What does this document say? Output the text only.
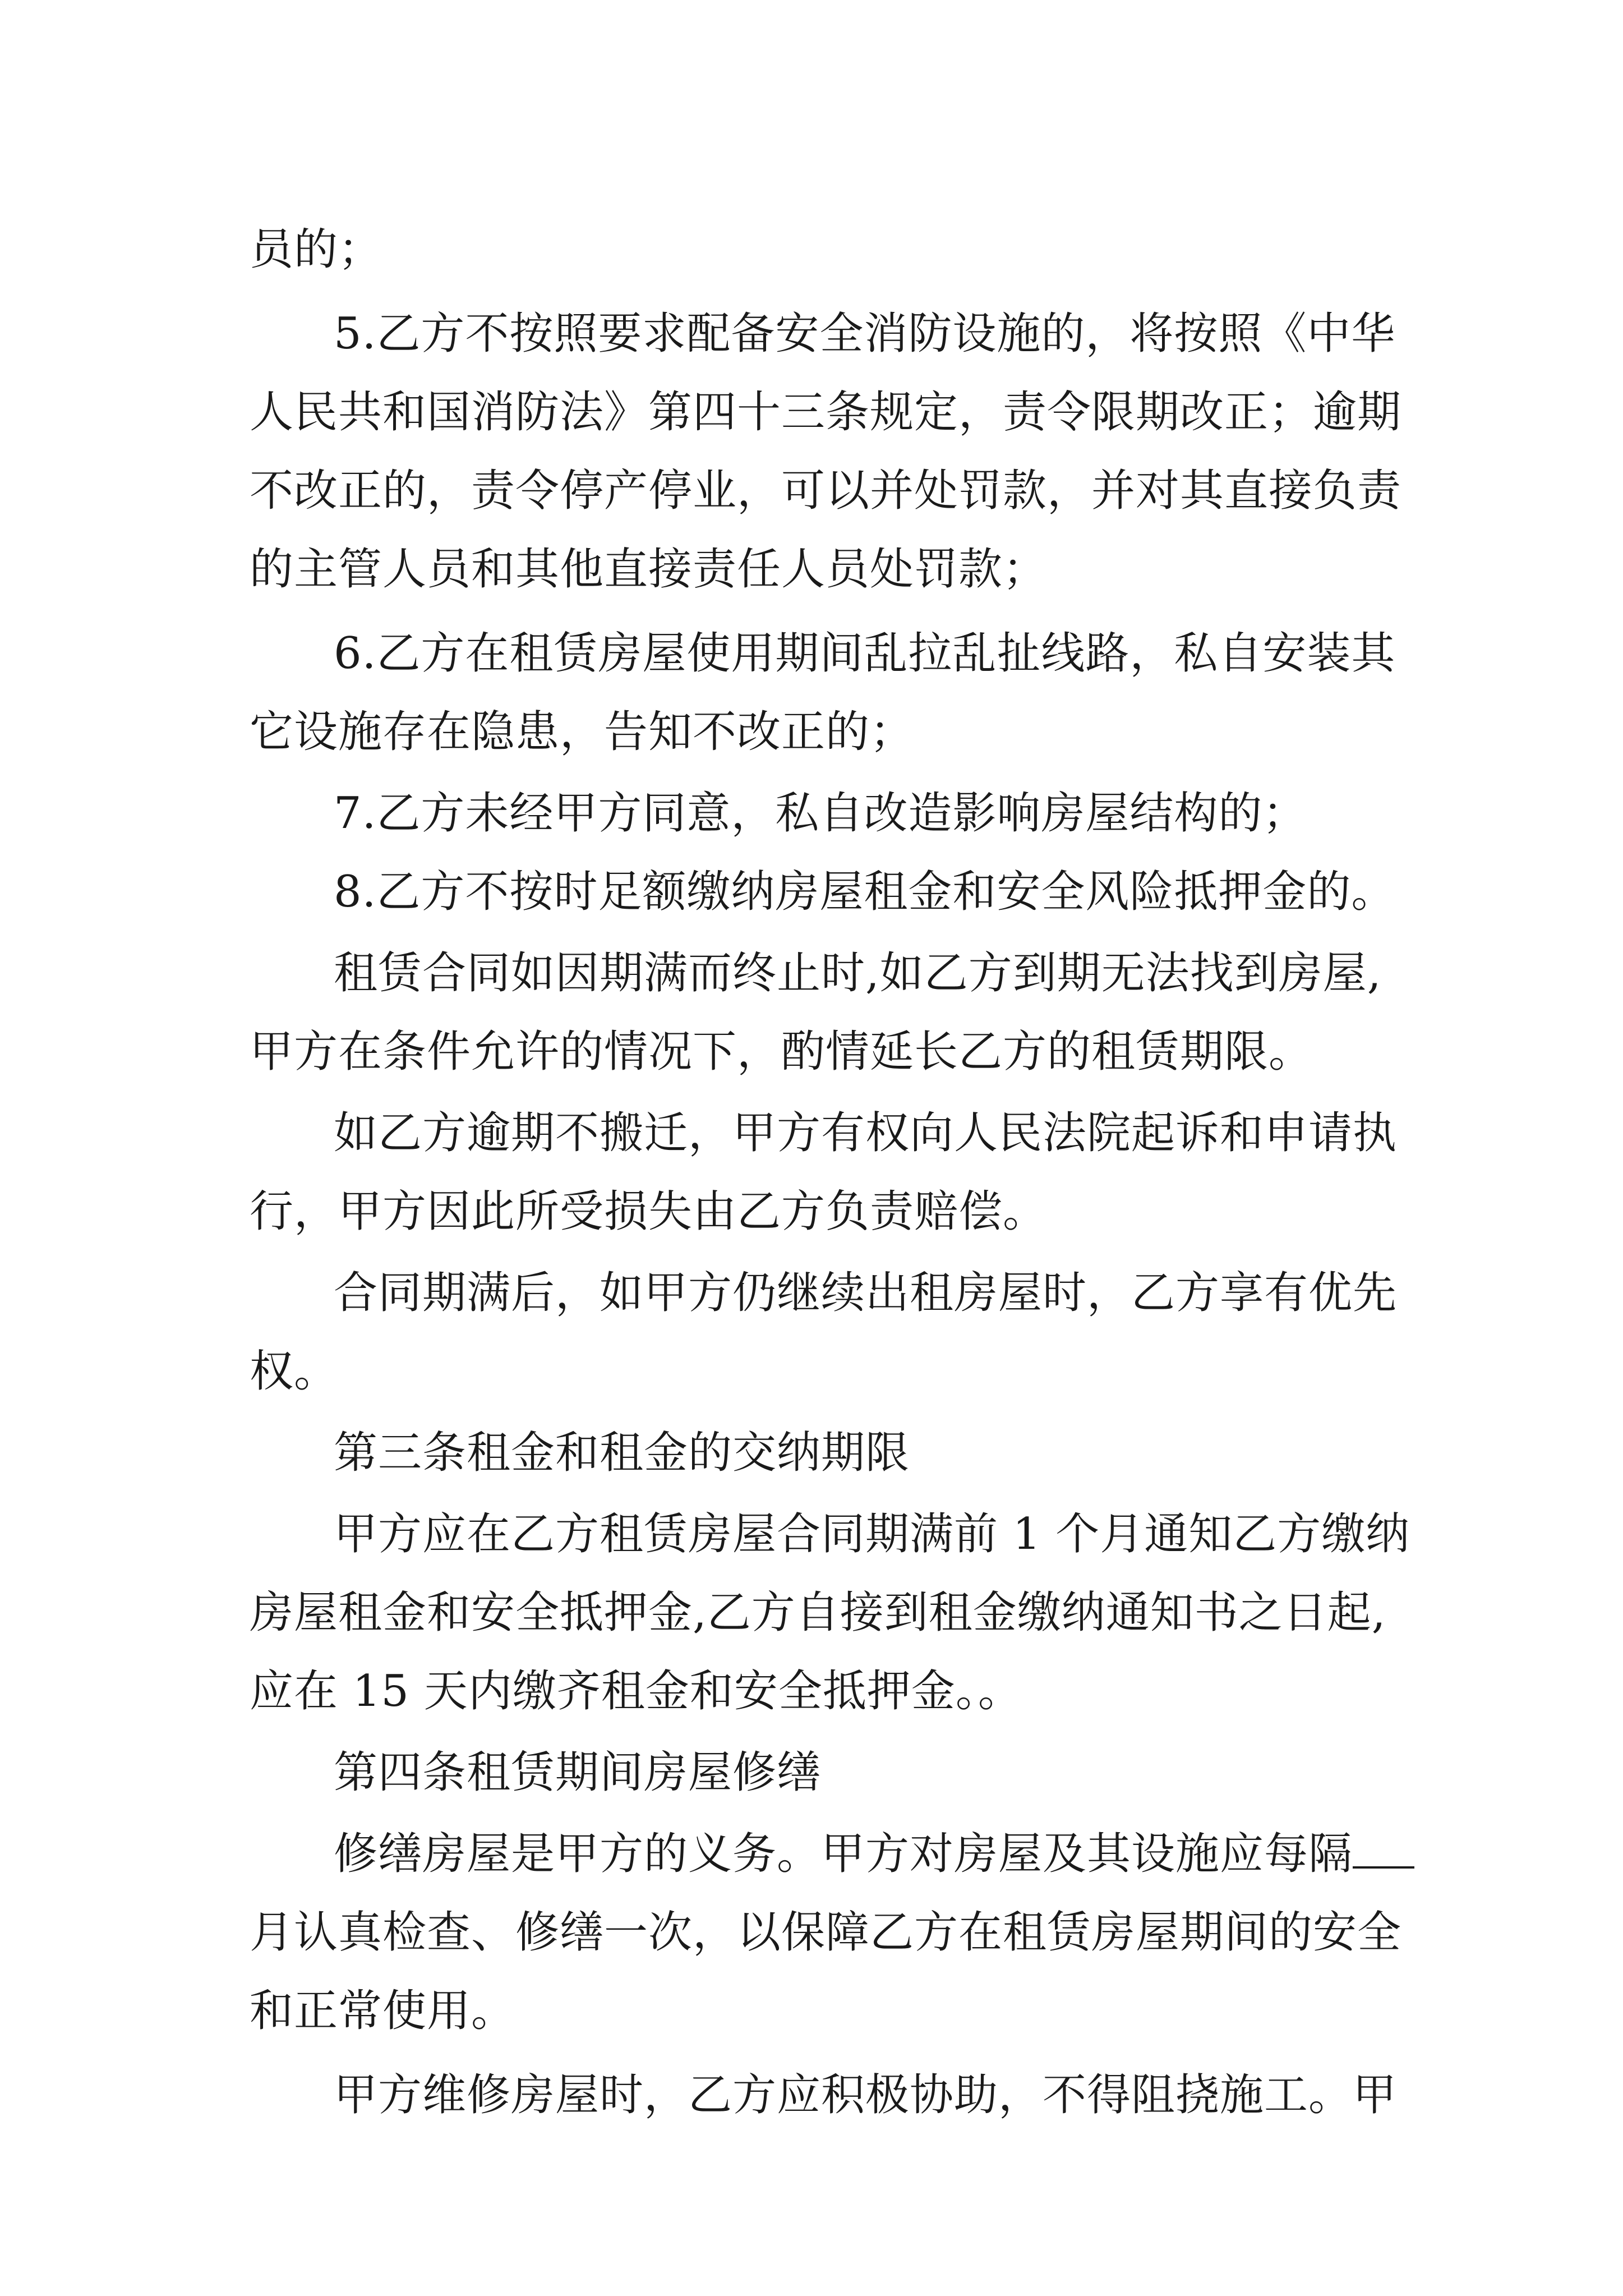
员的；
5.乙方不按照要求配备安全消防设施的，将按照《中华
人民共和国消防法》第四十三条规定，责令限期改正；逾期
不改正的，责令停产停业，可以并处罚款，并对其直接负责
的主管人员和其他直接责任人员处罚款；
6.乙方在租赁房屋使用期间乱拉乱扯线路，私自安装其
它设施存在隐患，告知不改正的；
7.乙方未经甲方同意，私自改造影响房屋结构的；
8.乙方不按时足额缴纳房屋租金和安全风险抵押金的。
租赁合同如因期满而终止时,如乙方到期无法找到房屋,
甲方在条件允许的情况下，酌情延长乙方的租赁期限。
如乙方逾期不搬迁，甲方有权向人民法院起诉和申请执
行，甲方因此所受损失由乙方负责赔偿。
合同期满后，如甲方仍继续出租房屋时，乙方享有优先
权。
第三条租金和租金的交纳期限
甲方应在乙方租赁房屋合同期满前 1 个月通知乙方缴纳
房屋租金和安全抵押金,乙方自接到租金缴纳通知书之日起,
应在 15 天内缴齐租金和安全抵押金。。
第四条租赁期间房屋修缮
修缮房屋是甲方的义务。甲方对房屋及其设施应每隔
月认真检查、修缮一次，以保障乙方在租赁房屋期间的安全
和正常使用。
甲方维修房屋时，乙方应积极协助，不得阻挠施工。甲
